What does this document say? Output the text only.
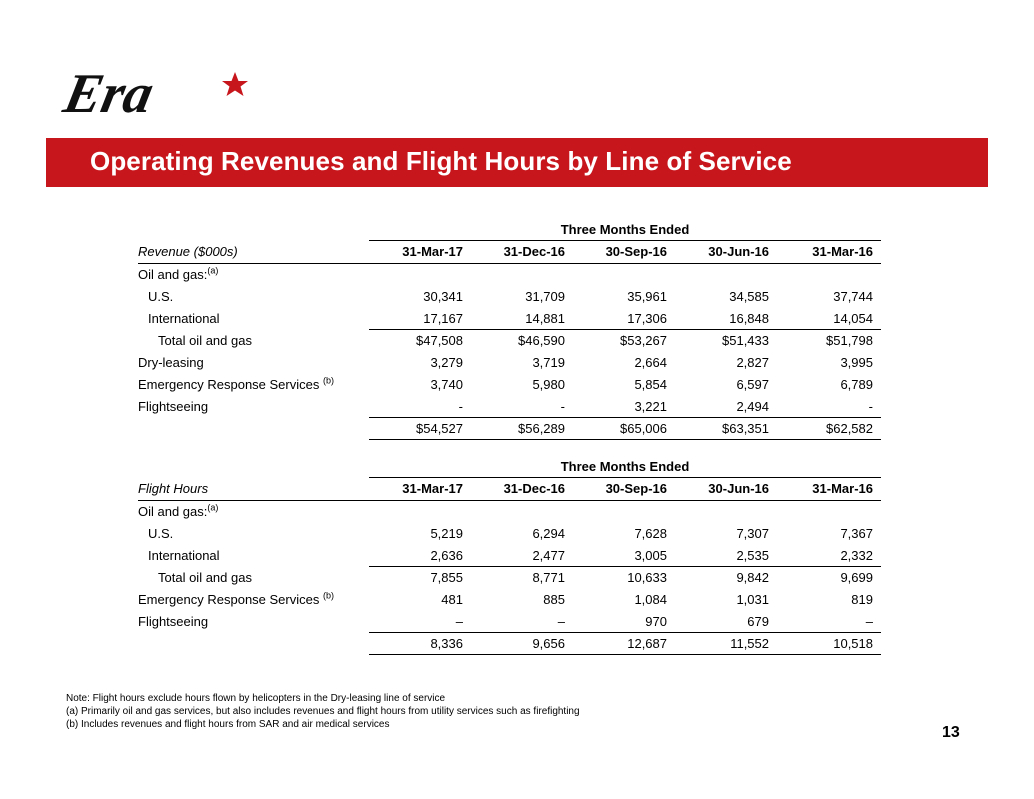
Era
Operating Revenues and Flight Hours by Line of Service
	Three Months Ended				
Revenue ($000s)	31-Mar-17	31-Dec-16	30-Sep-16	30-Jun-16	31-Mar-16
Oil and gas:$^{(a)}$					
U.S.	30,341	31,709	35,961	34,585	37,744
International	17,167	14,881	17,306	16,848	14,054
Total oil and gas	$47,508	$46,590	$53,267	$51,433	$51,798
Dry-leasing	3,279	3,719	2,664	2,827	3,995
Emergency Response Services $^{(b)}$	3,740	5,980	5,854	6,597	6,789
Flightseeing	-	-	3,221	2,494	-
	$54,527	$56,289	$65,006	$63,351	$62,582
	Three Months Ended				
Flight Hours	31-Mar-17	31-Dec-16	30-Sep-16	30-Jun-16	31-Mar-16
Oil and gas:$^{(a)}$					
U.S.	5,219	6,294	7,628	7,307	7,367
International	2,636	2,477	3,005	2,535	2,332
Total oil and gas	7,855	8,771	10,633	9,842	9,699
Emergency Response Services $^{(b)}$	481	885	1,084	1,031	819
Flightseeing	–	–	970	679	–
	8,336	9,656	12,687	11,552	10,518
Note: Flight hours exclude hours flown by helicopters in the Dry-leasing line of service
(a) Primarily oil and gas services, but also includes revenues and flight hours from utility services such as firefighting
(b) Includes revenues and flight hours from SAR and air medical services	13
